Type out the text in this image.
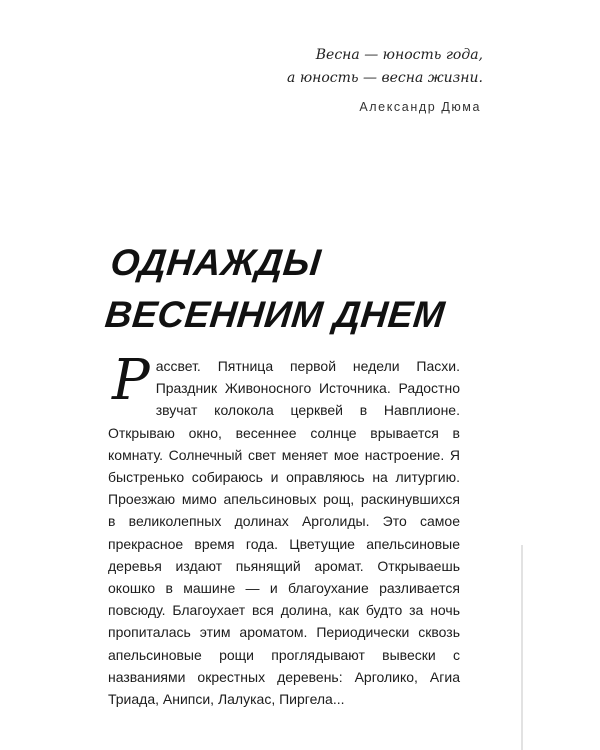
Весна — юность года,
а юность — весна жизни.
Александр Дюма
ОДНАЖДЫ
ВЕСЕННИМ ДНЕМ
Р ассвет. Пятница первой недели Пасхи. Праздник Живоносного Источника. Радостно звучат колокола церквей в Навплионе. Открываю окно, весеннее солнце врывается в комнату. Солнечный свет меняет мое настроение. Я быстренько собираюсь и оправляюсь на литургию. Проезжаю мимо апельсиновых рощ, раскинувшихся в великолепных долинах Арголиды. Это самое прекрасное время года. Цветущие апельсиновые деревья издают пьянящий аромат. Открываешь окошко в машине — и благоухание разливается повсюду. Благоухает вся долина, как будто за ночь пропиталась этим ароматом. Периодически сквозь апельсиновые рощи проглядывают вывески с названиями окрестных деревень: Арголико, Агиа Триада, Анипси, Лалукас, Пиргела...
